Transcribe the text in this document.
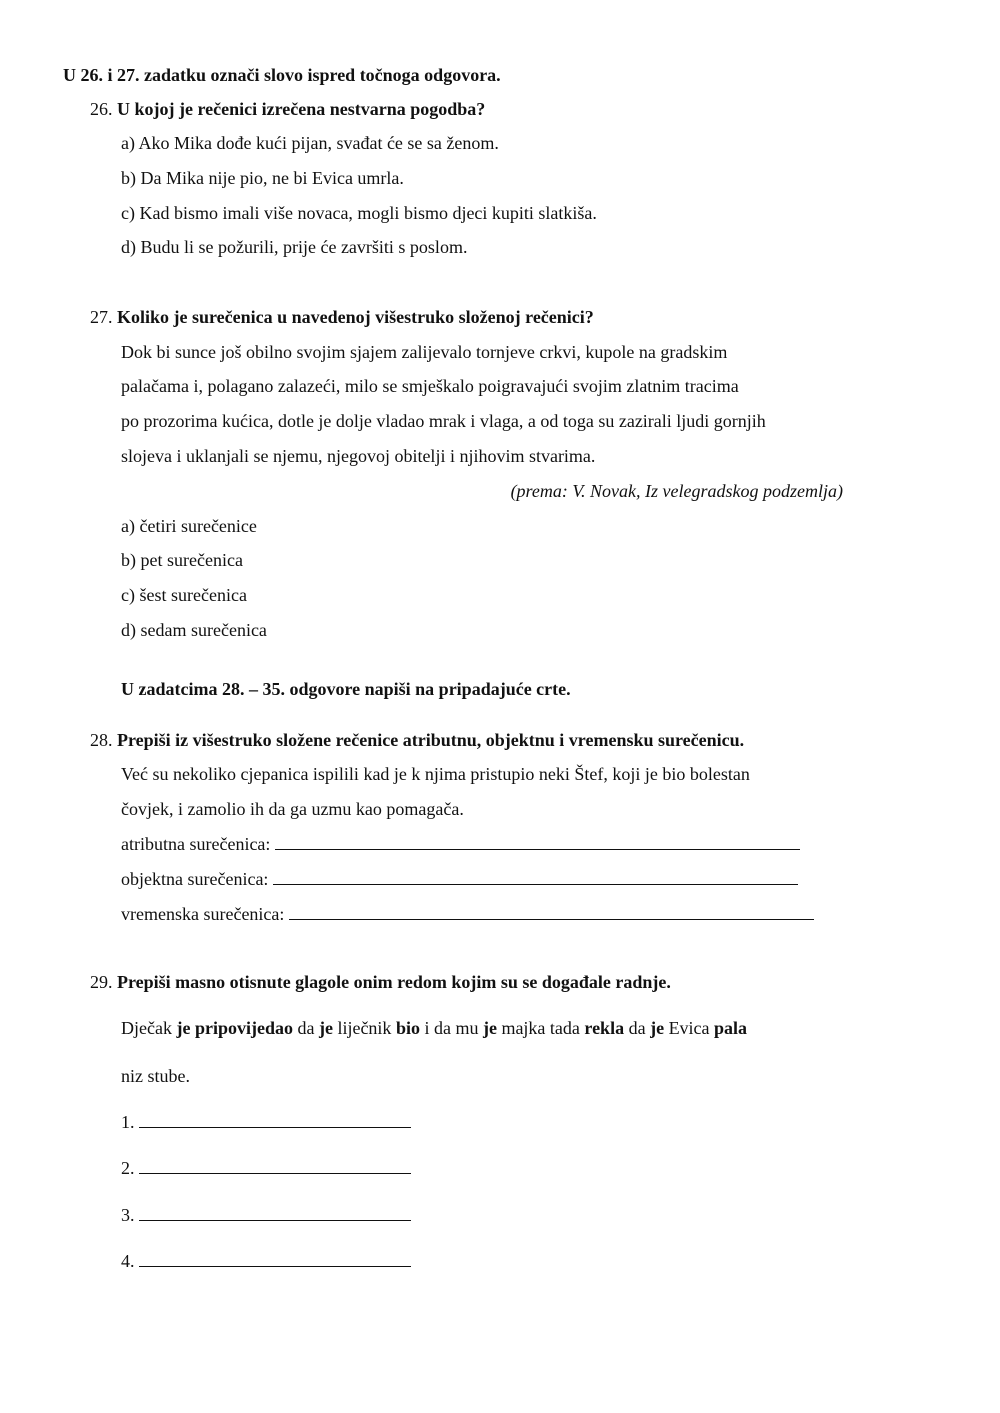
U 26. i 27. zadatku označi slovo ispred točnoga odgovora.
26. U kojoj je rečenici izrečena nestvarna pogodba?
a) Ako Mika dođe kući pijan, svađat će se sa ženom.
b) Da Mika nije pio, ne bi Evica umrla.
c) Kad bismo imali više novaca, mogli bismo djeci kupiti slatkiša.
d) Budu li se požurili, prije će završiti s poslom.
27. Koliko je surečenica u navedenoj višestruko složenoj rečenici?
Dok bi sunce još obilno svojim sjajem zalijevalo tornjeve crkvi, kupole na gradskim
palačama i, polagano zalazeći, milo se smješkalo poigravajući svojim zlatnim tracima
po prozorima kućica, dotle je dolje vladao mrak i vlaga, a od toga su zazirali ljudi gornjih
slojeva i uklanjali se njemu, njegovoj obitelji i njihovim stvarima.
(prema: V. Novak, Iz velegradskog podzemlja)
a) četiri surečenice
b) pet surečenica
c) šest surečenica
d) sedam surečenica
U zadatcima 28. – 35. odgovore napiši na pripadajuće crte.
28. Prepiši iz višestruko složene rečenice atributnu, objektnu i vremensku surečenicu.
Već su nekoliko cjepanica ispilili kad je k njima pristupio neki Štef, koji je bio bolestan
čovjek, i zamolio ih da ga uzmu kao pomagača.
atributna surečenica:
objektna surečenica:
vremenska surečenica:
29. Prepiši masno otisnute glagole onim redom kojim su se događale radnje.
Dječak je pripovijedao da je liječnik bio i da mu je majka tada rekla da je Evica pala
niz stube.
1.
2.
3.
4.
